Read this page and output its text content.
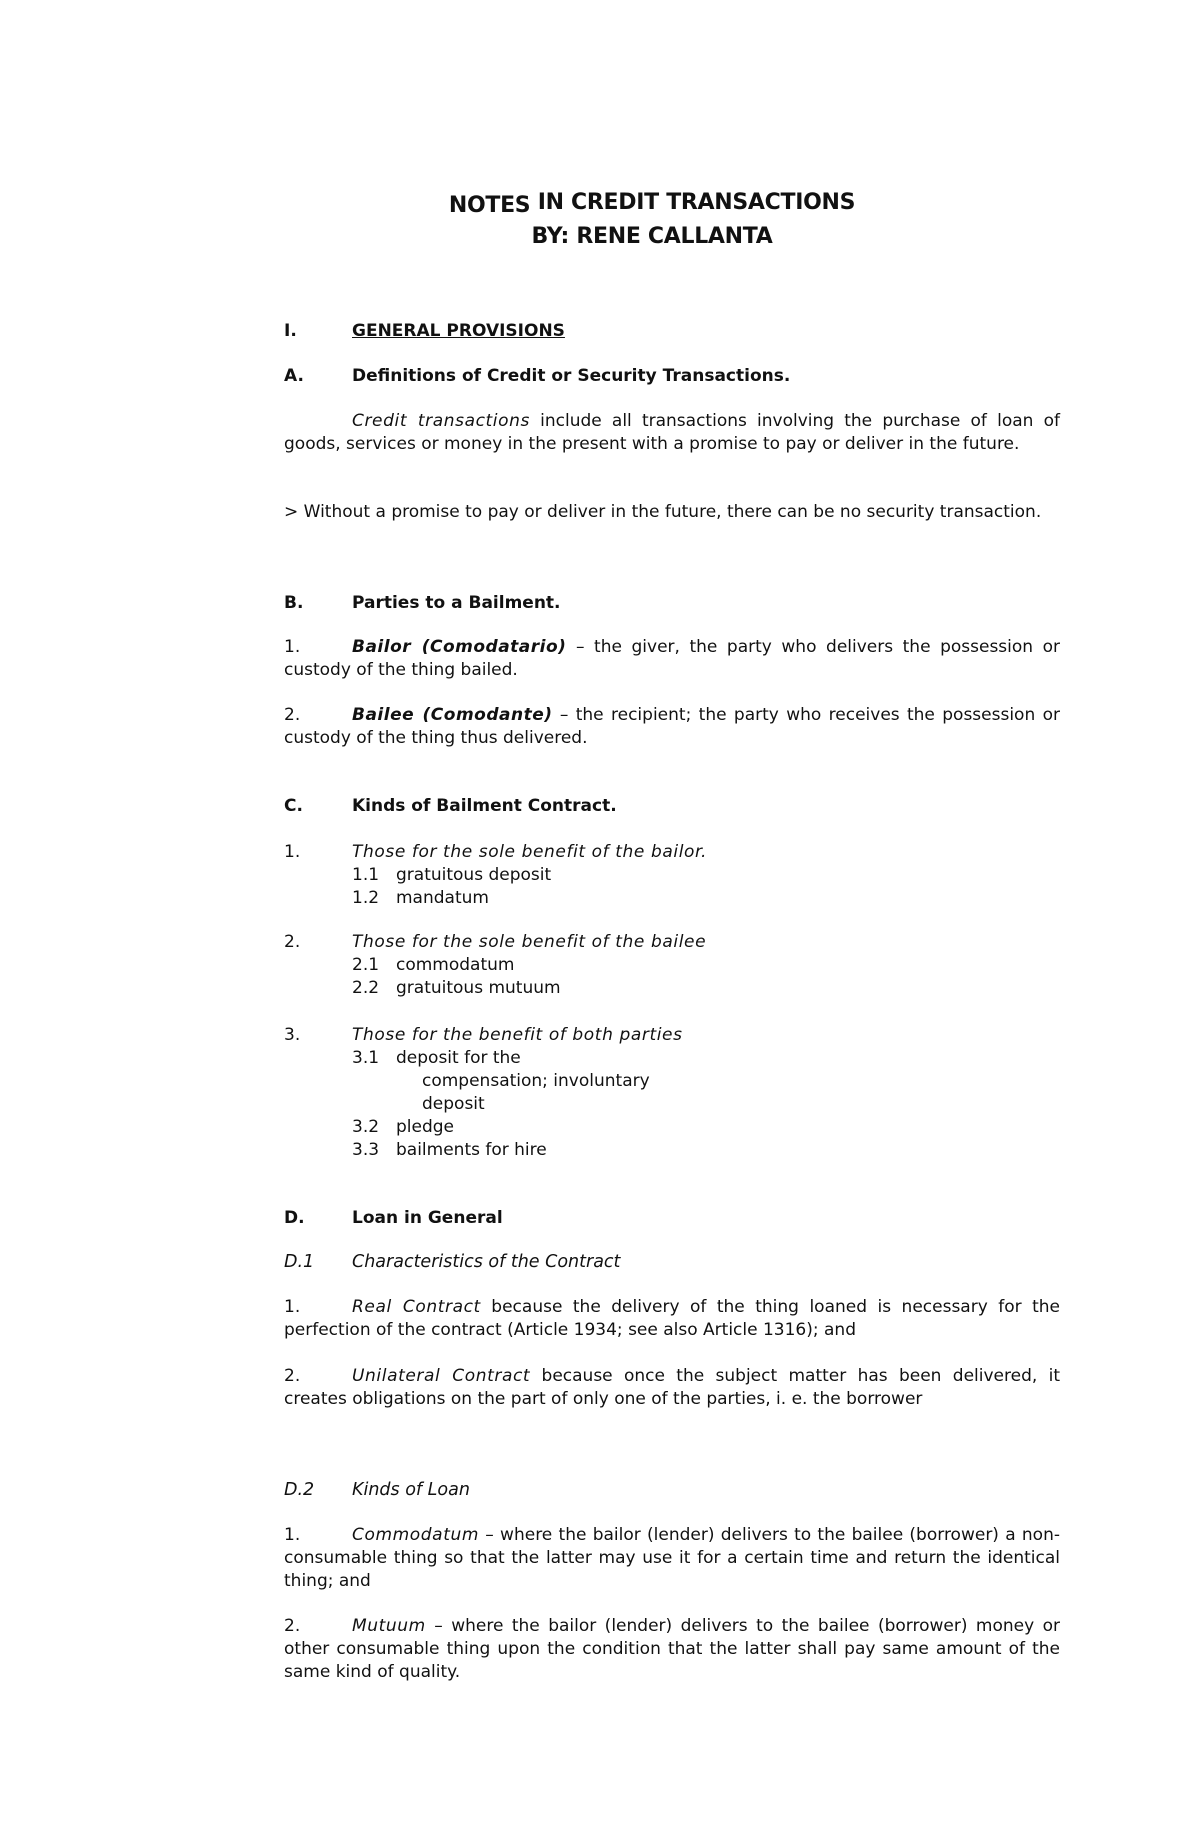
NOTES IN CREDIT TRANSACTIONS
BY: RENE CALLANTA
I.	GENERAL PROVISIONS
A.	Definitions of Credit or Security Transactions.

Credit transactions include all transactions involving the purchase of loan of goods, services or money in the present with a promise to pay or deliver in the future.

> Without a promise to pay or deliver in the future, there can be no security transaction.

B.	Parties to a Bailment.

1.	Bailor (Comodatario) – the giver, the party who delivers the possession or custody of the thing bailed.

2.	Bailee (Comodante) – the recipient; the party who receives the possession or custody of the thing thus delivered.

C.	Kinds of Bailment Contract.
1.	Those for the sole benefit of the bailor.
1.1 gratuitous deposit
1.2 mandatum
2.	Those for the sole benefit of the bailee
2.1 commodatum
2.2 gratuitous mutuum
3.	Those for the benefit of both parties
3.1 deposit for the
compensation; involuntary
deposit
3.2 pledge
3.3 bailments for hire
D.	Loan in General
D.1 Characteristics of the Contract

1.	Real Contract because the delivery of the thing loaned is necessary for the perfection of the contract (Article 1934; see also Article 1316); and

2.	Unilateral Contract because once the subject matter has been delivered, it creates obligations on the part of only one of the parties, i. e. the borrower

D.2 Kinds of Loan

1.	Commodatum – where the bailor (lender) delivers to the bailee (borrower) a non-consumable thing so that the latter may use it for a certain time and return the identical thing; and

2.	Mutuum – where the bailor (lender) delivers to the bailee (borrower) money or other consumable thing upon the condition that the latter shall pay same amount of the same kind of quality.
